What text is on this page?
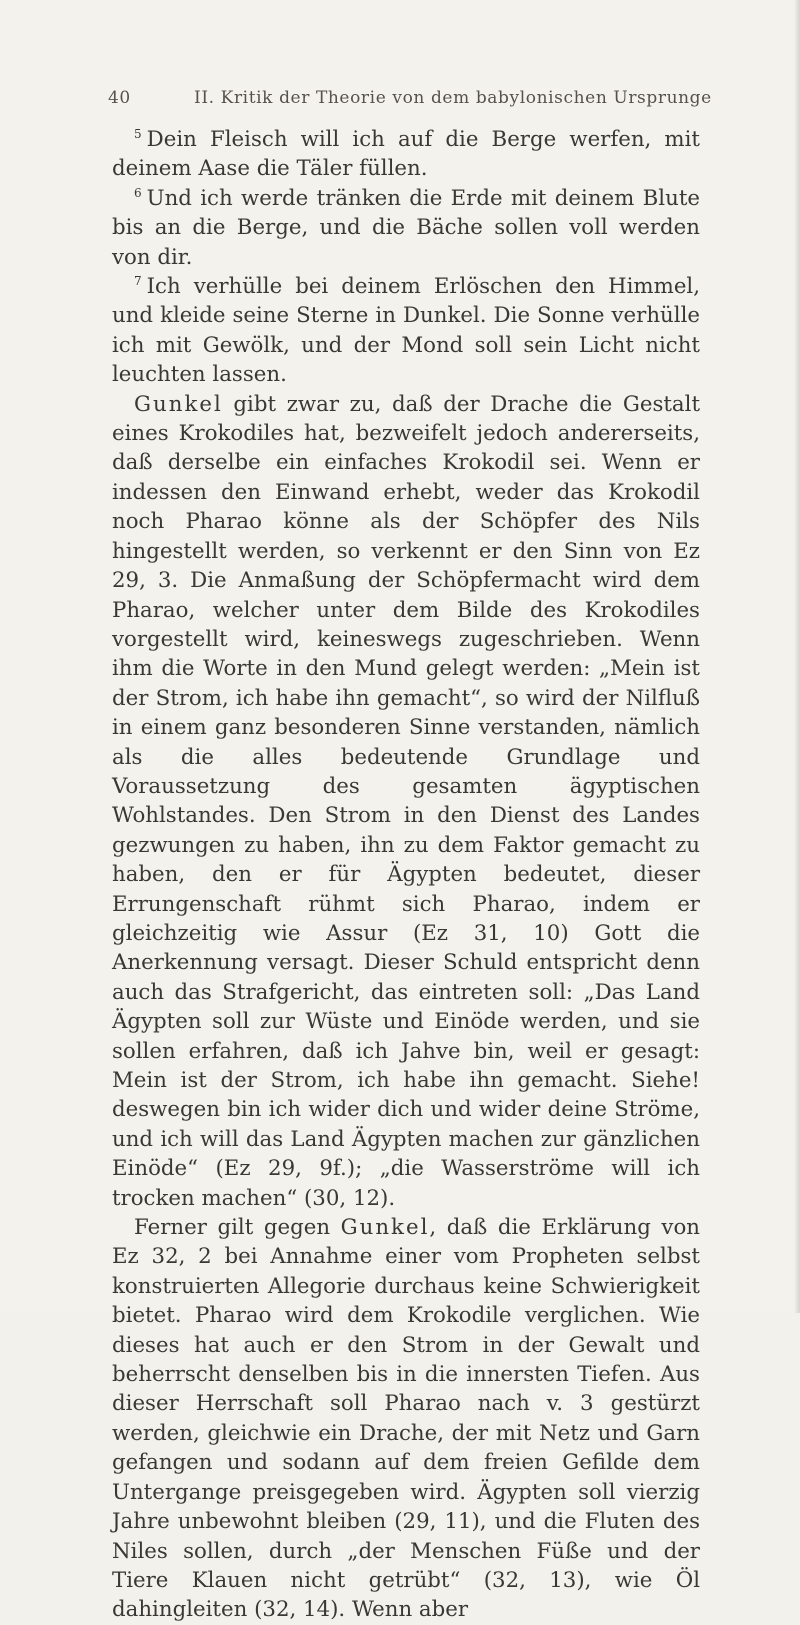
40	II. Kritik der Theorie von dem babylonischen Ursprunge

$^5$ Dein Fleisch will ich auf die Berge werfen, mit deinem Aase die Täler füllen.

$^6$ Und ich werde tränken die Erde mit deinem Blute bis an die Berge, und die Bäche sollen voll werden von dir.

$^7$ Ich verhülle bei deinem Erlöschen den Himmel, und kleide seine Sterne in Dunkel. Die Sonne verhülle ich mit Gewölk, und der Mond soll sein Licht nicht leuchten lassen.

Gunkel gibt zwar zu, daß der Drache die Gestalt eines Krokodiles hat, bezweifelt jedoch andererseits, daß derselbe ein einfaches Krokodil sei. Wenn er indessen den Einwand erhebt, weder das Krokodil noch Pharao könne als der Schöpfer des Nils hingestellt werden, so verkennt er den Sinn von Ez 29, 3. Die Anmaßung der Schöpfermacht wird dem Pharao, welcher unter dem Bilde des Krokodiles vorgestellt wird, keineswegs zugeschrieben. Wenn ihm die Worte in den Mund gelegt werden: „Mein ist der Strom, ich habe ihn gemacht“, so wird der Nilfluß in einem ganz besonderen Sinne verstanden, nämlich als die alles bedeutende Grundlage und Voraussetzung des gesamten ägyptischen Wohlstandes. Den Strom in den Dienst des Landes gezwungen zu haben, ihn zu dem Faktor gemacht zu haben, den er für Ägypten bedeutet, dieser Errungenschaft rühmt sich Pharao, indem er gleichzeitig wie Assur (Ez 31, 10) Gott die Anerkennung versagt. Dieser Schuld entspricht denn auch das Strafgericht, das eintreten soll: „Das Land Ägypten soll zur Wüste und Einöde werden, und sie sollen erfahren, daß ich Jahve bin, weil er gesagt: Mein ist der Strom, ich habe ihn gemacht. Siehe! deswegen bin ich wider dich und wider deine Ströme, und ich will das Land Ägypten machen zur gänzlichen Einöde“ (Ez 29, 9f.); „die Wasserströme will ich trocken machen“ (30, 12).

Ferner gilt gegen Gunkel, daß die Erklärung von Ez 32, 2 bei Annahme einer vom Propheten selbst konstruierten Allegorie durchaus keine Schwierigkeit bietet. Pharao wird dem Krokodile verglichen. Wie dieses hat auch er den Strom in der Gewalt und beherrscht denselben bis in die innersten Tiefen. Aus dieser Herrschaft soll Pharao nach v. 3 gestürzt werden, gleichwie ein Drache, der mit Netz und Garn gefangen und sodann auf dem freien Gefilde dem Untergange preisgegeben wird. Ägypten soll vierzig Jahre unbewohnt bleiben (29, 11), und die Fluten des Niles sollen, durch „der Menschen Füße und der Tiere Klauen nicht getrübt“ (32, 13), wie Öl dahingleiten (32, 14). Wenn aber
